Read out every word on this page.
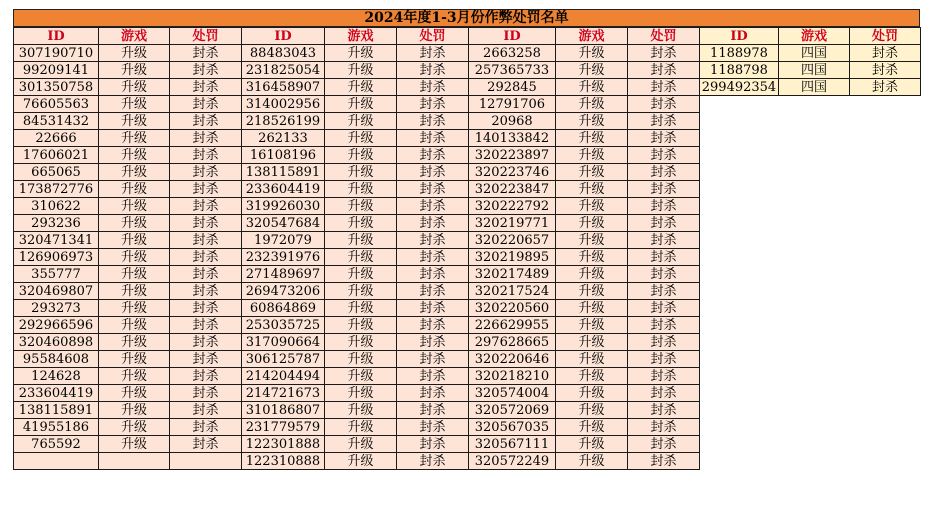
2024年度1-3月份作弊处罚名单
ID	游戏	处罚	ID	游戏	处罚	ID	游戏	处罚
307190710	升级	封杀	88483043	升级	封杀	2663258	升级	封杀
99209141	升级	封杀	231825054	升级	封杀	257365733	升级	封杀
301350758	升级	封杀	316458907	升级	封杀	292845	升级	封杀
76605563	升级	封杀	314002956	升级	封杀	12791706	升级	封杀
84531432	升级	封杀	218526199	升级	封杀	20968	升级	封杀
22666	升级	封杀	262133	升级	封杀	140133842	升级	封杀
17606021	升级	封杀	16108196	升级	封杀	320223897	升级	封杀
665065	升级	封杀	138115891	升级	封杀	320223746	升级	封杀
173872776	升级	封杀	233604419	升级	封杀	320223847	升级	封杀
310622	升级	封杀	319926030	升级	封杀	320222792	升级	封杀
293236	升级	封杀	320547684	升级	封杀	320219771	升级	封杀
320471341	升级	封杀	1972079	升级	封杀	320220657	升级	封杀
126906973	升级	封杀	232391976	升级	封杀	320219895	升级	封杀
355777	升级	封杀	271489697	升级	封杀	320217489	升级	封杀
320469807	升级	封杀	269473206	升级	封杀	320217524	升级	封杀
293273	升级	封杀	60864869	升级	封杀	320220560	升级	封杀
292966596	升级	封杀	253035725	升级	封杀	226629955	升级	封杀
320460898	升级	封杀	317090664	升级	封杀	297628665	升级	封杀
95584608	升级	封杀	306125787	升级	封杀	320220646	升级	封杀
124628	升级	封杀	214204494	升级	封杀	320218210	升级	封杀
233604419	升级	封杀	214721673	升级	封杀	320574004	升级	封杀
138115891	升级	封杀	310186807	升级	封杀	320572069	升级	封杀
41955186	升级	封杀	231779579	升级	封杀	320567035	升级	封杀
765592	升级	封杀	122301888	升级	封杀	320567111	升级	封杀
			122310888	升级	封杀	320572249	升级	封杀
ID	游戏	处罚
1188978	四国	封杀
1188798	四国	封杀
299492354	四国	封杀
